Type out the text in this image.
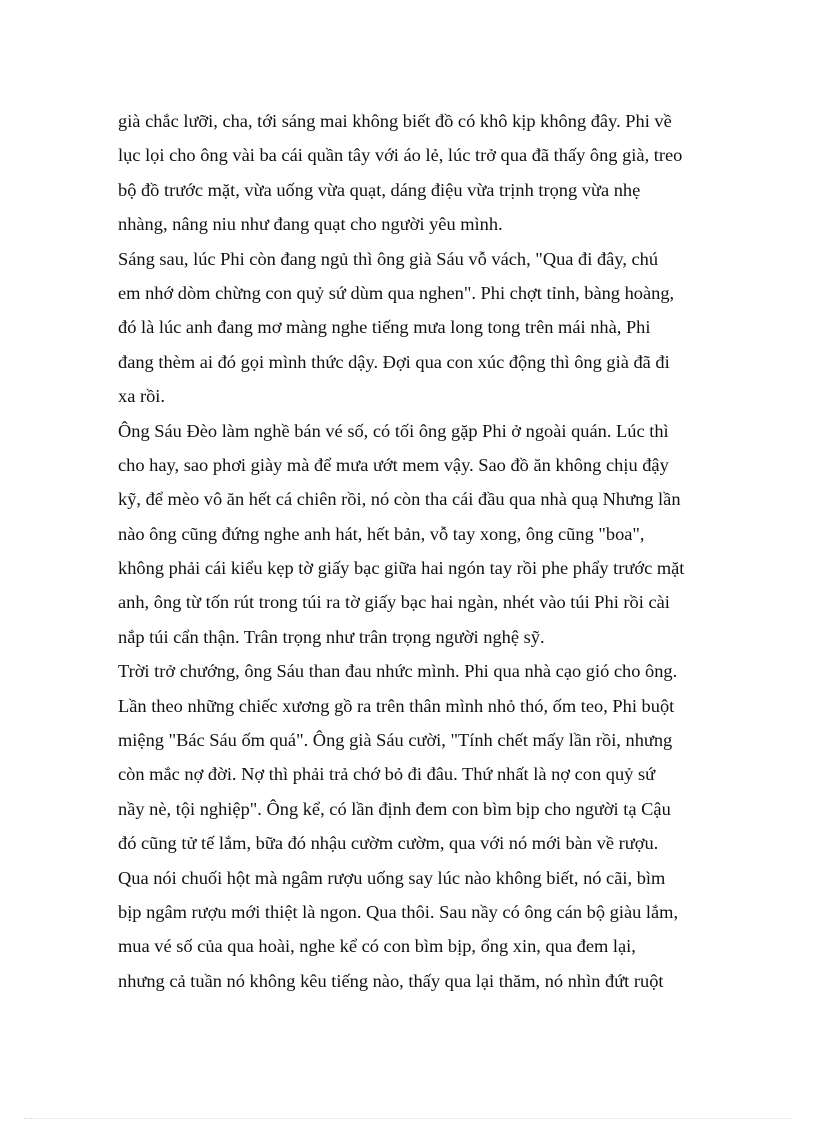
già chắc lưỡi, cha, tới sáng mai không biết đồ có khô kịp không đây. Phi về
lục lọi cho ông vài ba cái quần tây với áo lẻ, lúc trở qua đã thấy ông già, treo
bộ đồ trước mặt, vừa uống vừa quạt, dáng điệu vừa trịnh trọng vừa nhẹ
nhàng, nâng niu như đang quạt cho người yêu mình.
Sáng sau, lúc Phi còn đang ngủ thì ông già Sáu vỗ vách, "Qua đi đây, chú
em nhớ dòm chừng con quỷ sứ dùm qua nghen". Phi chợt tỉnh, bàng hoàng,
đó là lúc anh đang mơ màng nghe tiếng mưa long tong trên mái nhà, Phi
đang thèm ai đó gọi mình thức dậy. Đợi qua con xúc động thì ông già đã đi
xa rồi.
Ông Sáu Đèo làm nghề bán vé số, có tối ông gặp Phi ở ngoài quán. Lúc thì
cho hay, sao phơi giày mà để mưa ướt mem vậy. Sao đồ ăn không chịu đậy
kỹ, để mèo vô ăn hết cá chiên rồi, nó còn tha cái đầu qua nhà quạ Nhưng lần
nào ông cũng đứng nghe anh hát, hết bản, vỗ tay xong, ông cũng "boa",
không phải cái kiểu kẹp tờ giấy bạc giữa hai ngón tay rồi phe phẩy trước mặt
anh, ông từ tốn rút trong túi ra tờ giấy bạc hai ngàn, nhét vào túi Phi rồi cài
nắp túi cẩn thận. Trân trọng như trân trọng người nghệ sỹ.
Trời trở chướng, ông Sáu than đau nhức mình. Phi qua nhà cạo gió cho ông.
Lần theo những chiếc xương gồ ra trên thân mình nhỏ thó, ốm teo, Phi buột
miệng "Bác Sáu ốm quá". Ông già Sáu cười, "Tính chết mấy lần rồi, nhưng
còn mắc nợ đời. Nợ thì phải trả chớ bỏ đi đâu. Thứ nhất là nợ con quỷ sứ
nầy nè, tội nghiệp". Ông kể, có lần định đem con bìm bịp cho người tạ Cậu
đó cũng tử tế lắm, bữa đó nhậu cườm cườm, qua với nó mới bàn về rượu.
Qua nói chuối hột mà ngâm rượu uống say lúc nào không biết, nó cãi, bìm
bịp ngâm rượu mới thiệt là ngon. Qua thôi. Sau nầy có ông cán bộ giàu lắm,
mua vé số của qua hoài, nghe kể có con bìm bịp, ổng xin, qua đem lại,
nhưng cả tuần nó không kêu tiếng nào, thấy qua lại thăm, nó nhìn đứt ruột
